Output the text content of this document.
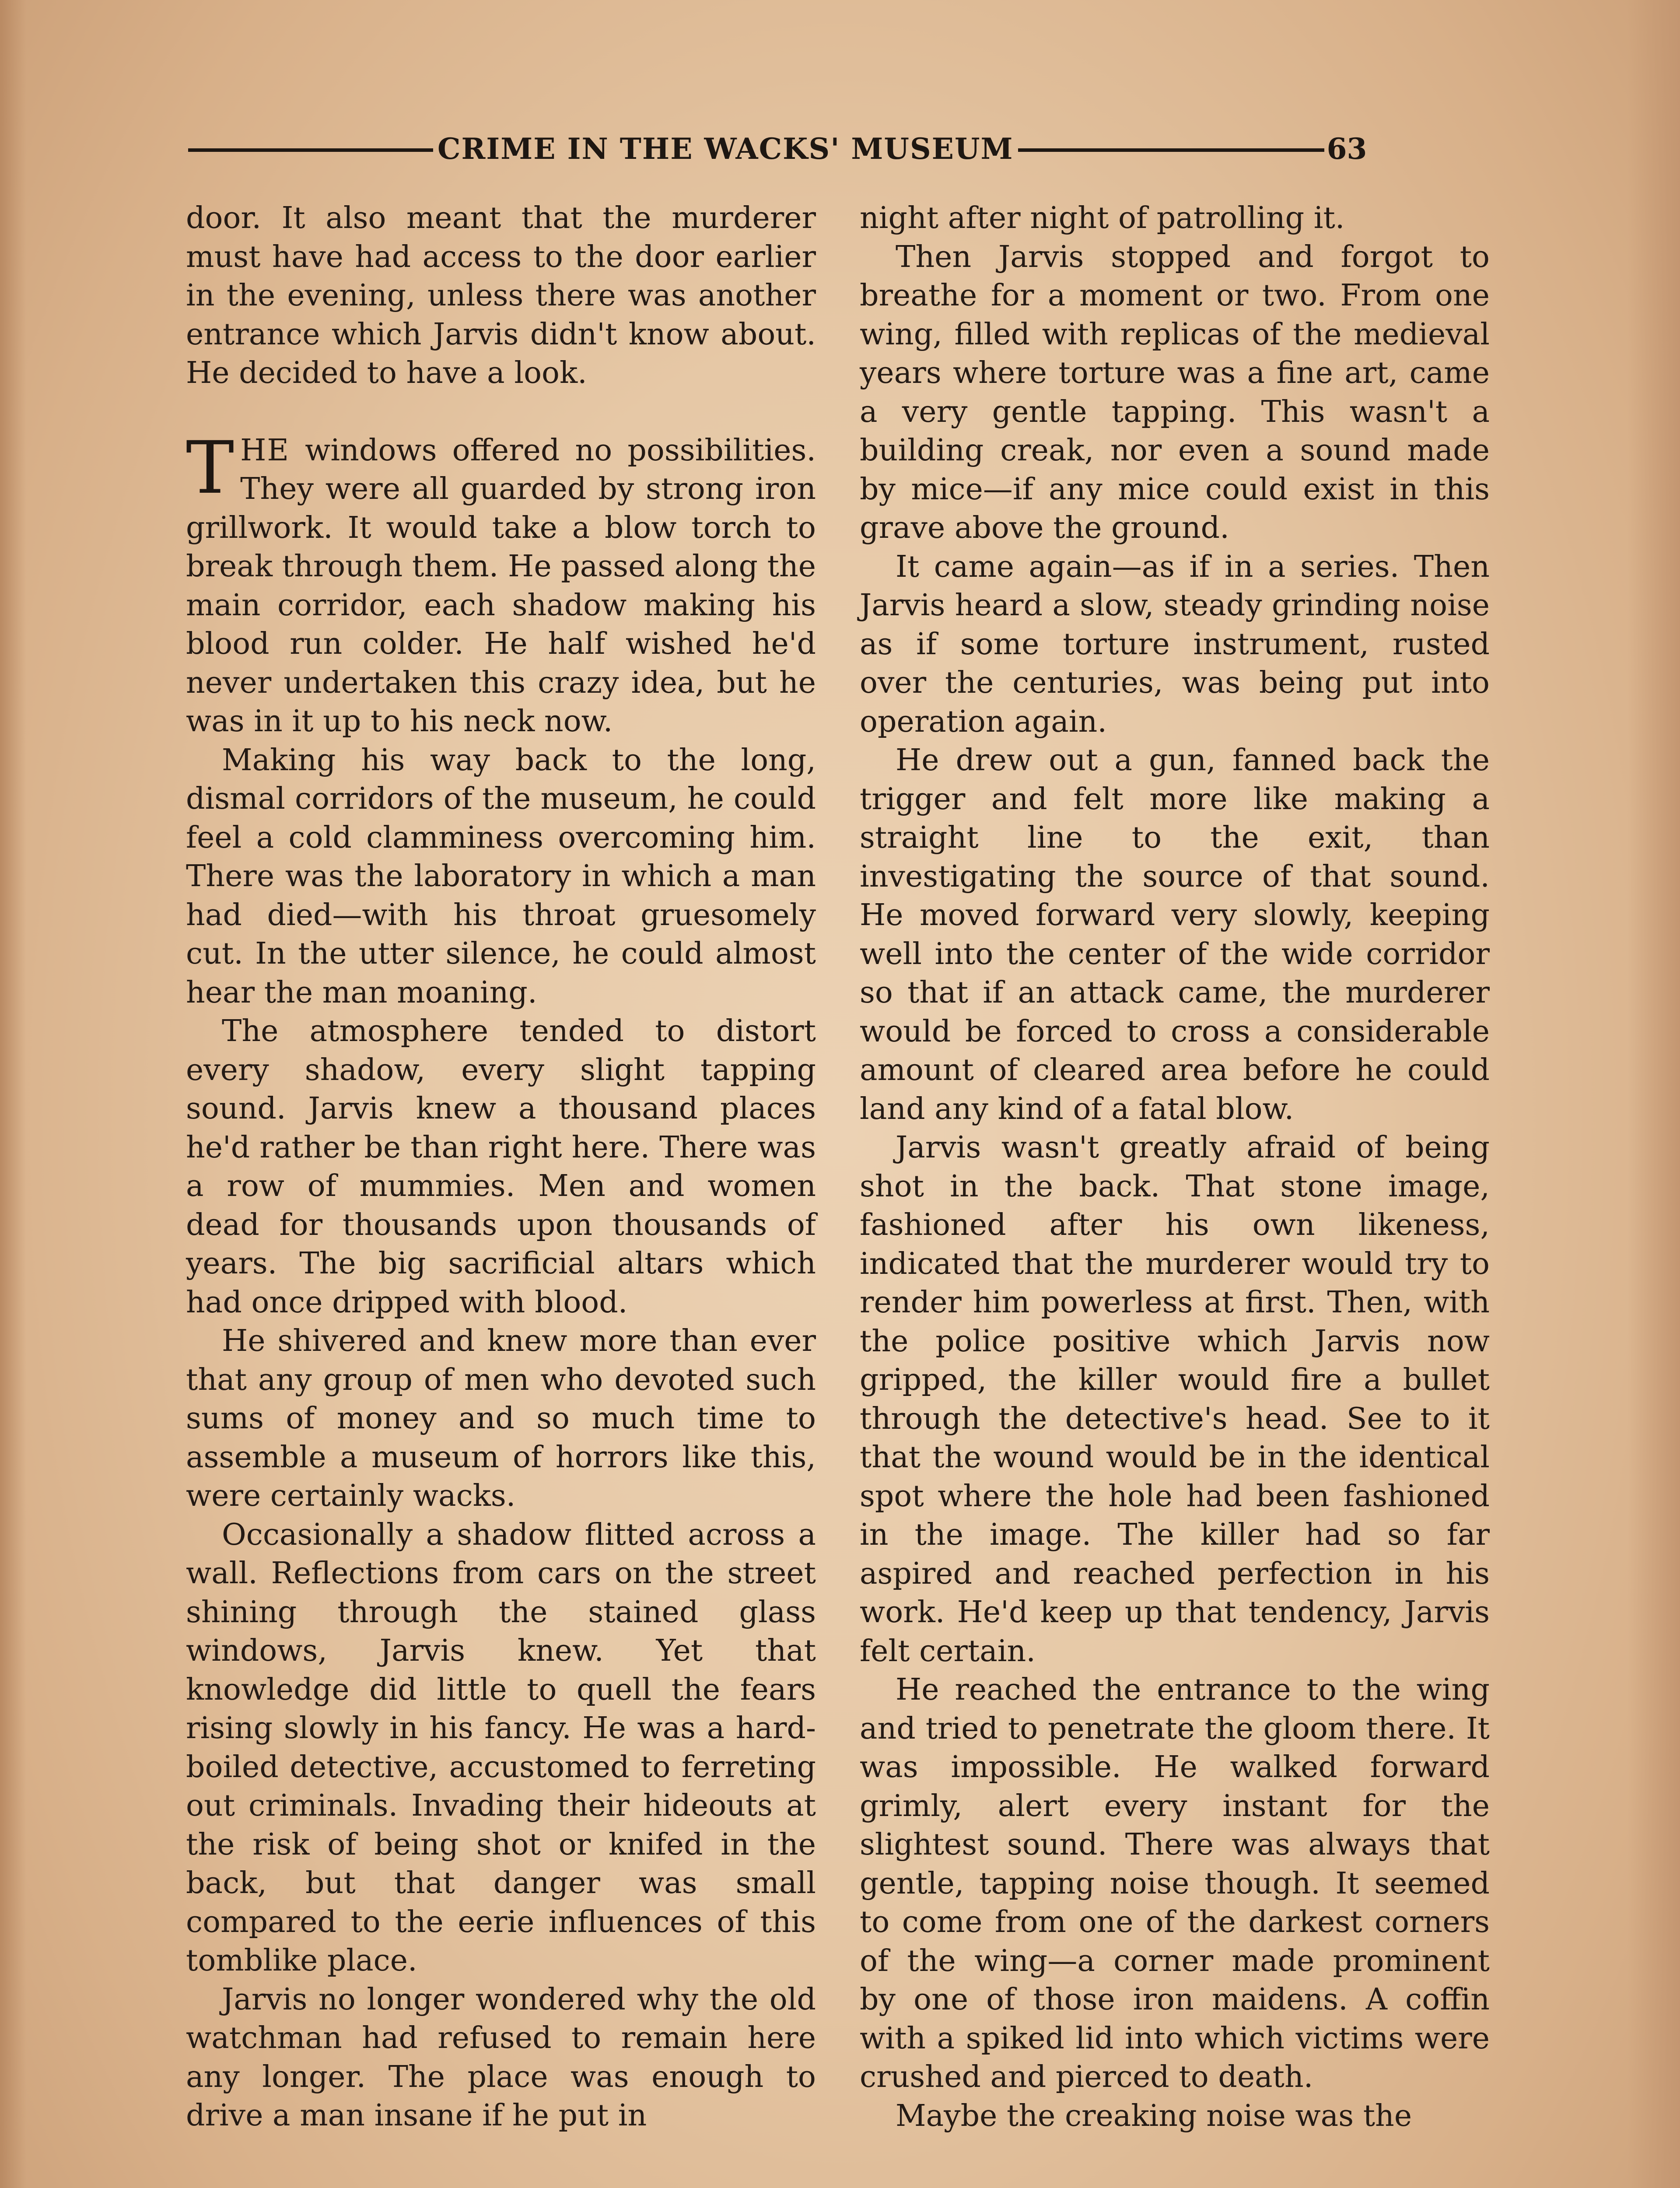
CRIME IN THE WACKS' MUSEUM	63

door. It also meant that the murderer must have had access to the door earlier in the evening, unless there was another entrance which Jarvis didn't know about. He decided to have a look.

THE windows offered no possibilities. They were all guarded by strong iron grillwork. It would take a blow torch to break through them. He passed along the main corridor, each shadow making his blood run colder. He half wished he'd never undertaken this crazy idea, but he was in it up to his neck now.

Making his way back to the long, dismal corridors of the museum, he could feel a cold clamminess overcoming him. There was the laboratory in which a man had died—with his throat gruesomely cut. In the utter silence, he could almost hear the man moaning.

The atmosphere tended to distort every shadow, every slight tapping sound. Jarvis knew a thousand places he'd rather be than right here. There was a row of mummies. Men and women dead for thousands upon thousands of years. The big sacrificial altars which had once dripped with blood.

He shivered and knew more than ever that any group of men who devoted such sums of money and so much time to assemble a museum of horrors like this, were certainly wacks.

Occasionally a shadow flitted across a wall. Reflections from cars on the street shining through the stained glass windows, Jarvis knew. Yet that knowledge did little to quell the fears rising slowly in his fancy. He was a hard-boiled detective, accustomed to ferreting out criminals. Invading their hideouts at the risk of being shot or knifed in the back, but that danger was small compared to the eerie influences of this tomblike place.

Jarvis no longer wondered why the old watchman had refused to remain here any longer. The place was enough to drive a man insane if he put in

night after night of patrolling it.

Then Jarvis stopped and forgot to breathe for a moment or two. From one wing, filled with replicas of the medieval years where torture was a fine art, came a very gentle tapping. This wasn't a building creak, nor even a sound made by mice—if any mice could exist in this grave above the ground.

It came again—as if in a series. Then Jarvis heard a slow, steady grinding noise as if some torture instrument, rusted over the centuries, was being put into operation again.

He drew out a gun, fanned back the trigger and felt more like making a straight line to the exit, than investigating the source of that sound. He moved forward very slowly, keeping well into the center of the wide corridor so that if an attack came, the murderer would be forced to cross a considerable amount of cleared area before he could land any kind of a fatal blow.

Jarvis wasn't greatly afraid of being shot in the back. That stone image, fashioned after his own likeness, indicated that the murderer would try to render him powerless at first. Then, with the police positive which Jarvis now gripped, the killer would fire a bullet through the detective's head. See to it that the wound would be in the identical spot where the hole had been fashioned in the image. The killer had so far aspired and reached perfection in his work. He'd keep up that tendency, Jarvis felt certain.

He reached the entrance to the wing and tried to penetrate the gloom there. It was impossible. He walked forward grimly, alert every instant for the slightest sound. There was always that gentle, tapping noise though. It seemed to come from one of the darkest corners of the wing—a corner made prominent by one of those iron maidens. A coffin with a spiked lid into which victims were crushed and pierced to death.

Maybe the creaking noise was the
